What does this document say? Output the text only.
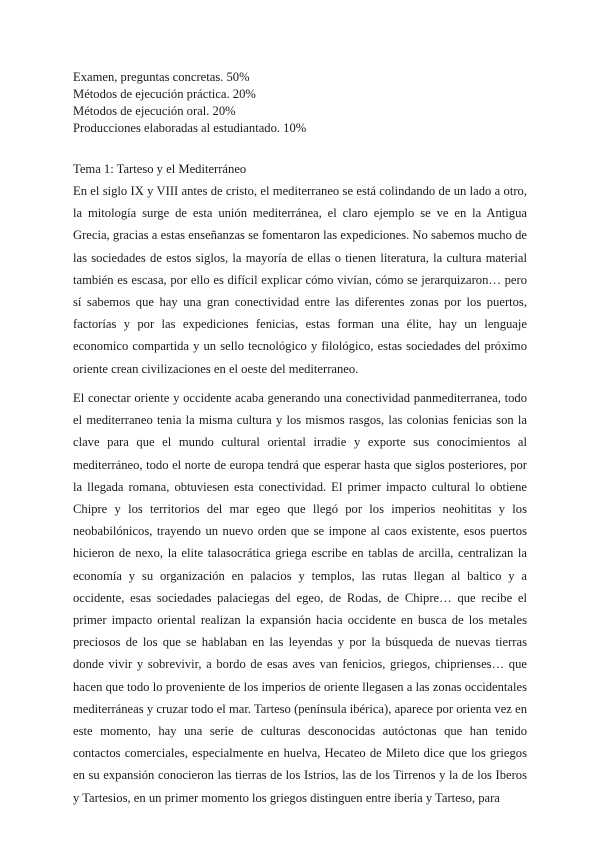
Examen, preguntas concretas. 50%
Métodos de ejecución práctica. 20%
Métodos de ejecución oral. 20%
Producciones elaboradas al estudiantado. 10%
Tema 1: Tarteso y el Mediterráneo

En el siglo IX y VIII antes de cristo, el mediterraneo se está colindando de un lado a otro, la mitología surge de esta unión mediterránea, el claro ejemplo se ve en la Antigua Grecia, gracias a estas enseñanzas se fomentaron las expediciones. No sabemos mucho de las sociedades de estos siglos, la mayoría de ellas o tienen literatura, la cultura material también es escasa, por ello es difícil explicar cómo vivían, cómo se jerarquizaron… pero sí sabemos que hay una gran conectividad entre las diferentes zonas por los puertos, factorías y por las expediciones fenicias, estas forman una élite, hay un lenguaje economico compartida y un sello tecnológico y filológico, estas sociedades del próximo oriente crean civilizaciones en el oeste del mediterraneo.

El conectar oriente y occidente acaba generando una conectividad panmediterranea, todo el mediterraneo tenia la misma cultura y los mismos rasgos, las colonias fenicias son la clave para que el mundo cultural oriental irradie y exporte sus conocimientos al mediterráneo, todo el norte de europa tendrá que esperar hasta que siglos posteriores, por la llegada romana, obtuviesen esta conectividad. El primer impacto cultural lo obtiene Chipre y los territorios del mar egeo que llegó por los imperios neohititas y los neobabilónicos, trayendo un nuevo orden que se impone al caos existente, esos puertos hicieron de nexo, la elite talasocrática griega escribe en tablas de arcilla, centralizan la economía y su organización en palacios y templos, las rutas llegan al baltico y a occidente, esas sociedades palaciegas del egeo, de Rodas, de Chipre… que recibe el primer impacto oriental realizan la expansión hacia occidente en busca de los metales preciosos de los que se hablaban en las leyendas y por la búsqueda de nuevas tierras donde vivir y sobrevivir, a bordo de esas aves van fenicios, griegos, chiprienses… que hacen que todo lo proveniente de los imperios de oriente llegasen a las zonas occidentales mediterráneas y cruzar todo el mar. Tarteso (península ibérica), aparece por orienta vez en este momento, hay una serie de culturas desconocidas autóctonas que han tenido contactos comerciales, especialmente en huelva, Hecateo de Mileto dice que los griegos en su expansión conocieron las tierras de los Istrios, las de los Tirrenos y la de los Iberos y Tartesios, en un primer momento los griegos distinguen entre iberia y Tarteso, para
